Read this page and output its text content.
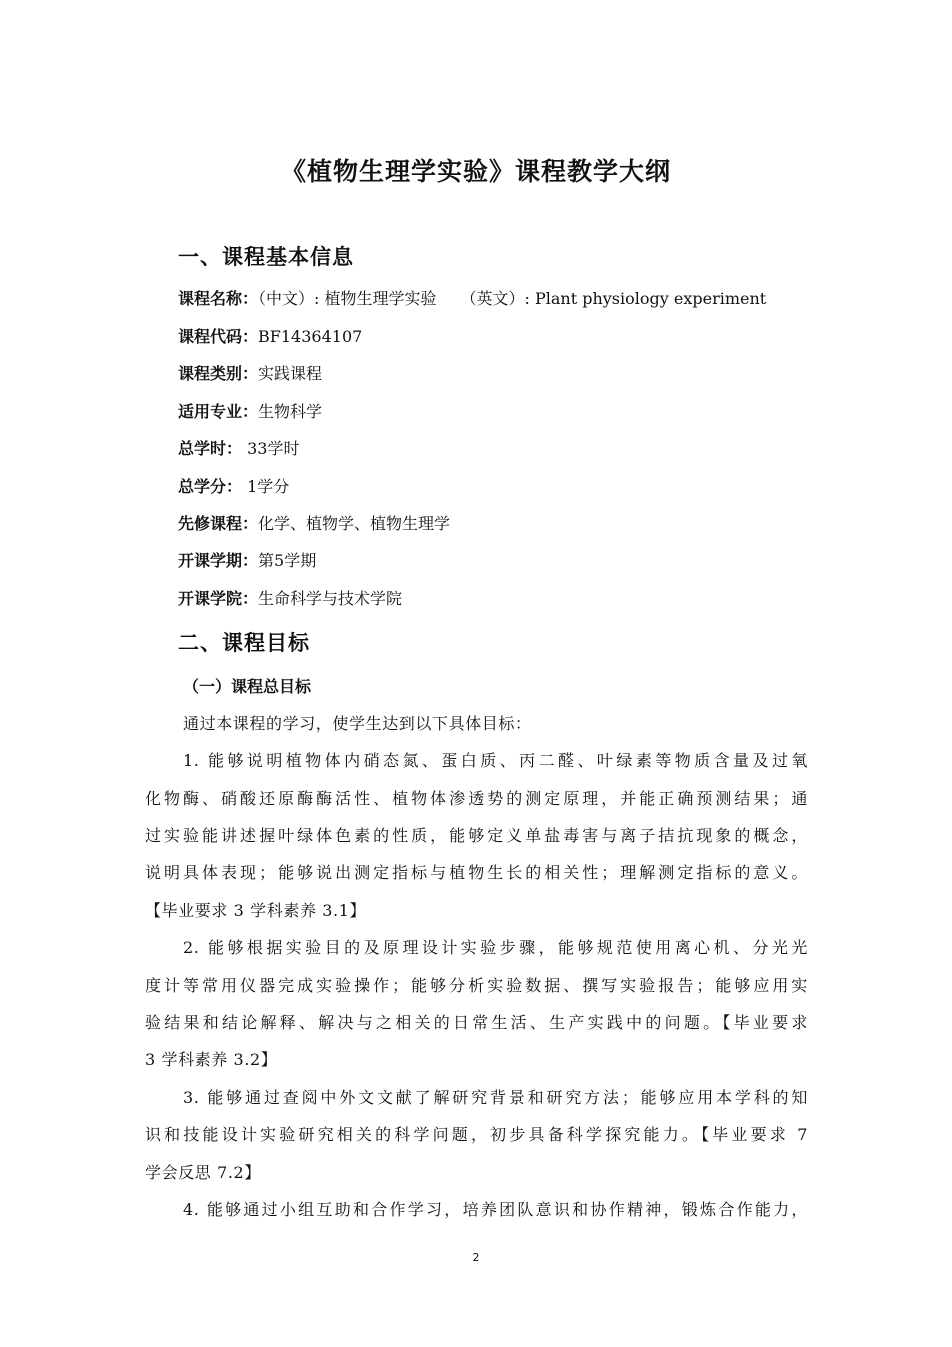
《植物生理学实验》课程教学大纲
一、课程基本信息
课程名称：（中文）: 植物生理学实验　　（英文）: Plant physiology experiment
课程代码：BF14364107
课程类别：实践课程
适用专业：生物科学
总学时： 33学时
总学分： 1学分
先修课程：化学、植物学、植物生理学
开课学期：第5学期
开课学院：生命科学与技术学院
二、课程目标
（一）课程总目标
通过本课程的学习，使学生达到以下具体目标：
1. 能够说明植物体内硝态氮、蛋白质、丙二醛、叶绿素等物质含量及过氧
化物酶、硝酸还原酶酶活性、植物体渗透势的测定原理，并能正确预测结果；通
过实验能讲述握叶绿体色素的性质，能够定义单盐毒害与离子拮抗现象的概念，
说明具体表现；能够说出测定指标与植物生长的相关性；理解测定指标的意义。
【毕业要求 3 学科素养 3.1】
2. 能够根据实验目的及原理设计实验步骤，能够规范使用离心机、分光光
度计等常用仪器完成实验操作；能够分析实验数据、撰写实验报告；能够应用实
验结果和结论解释、解决与之相关的日常生活、生产实践中的问题。【毕业要求
3 学科素养 3.2】
3. 能够通过查阅中外文文献了解研究背景和研究方法；能够应用本学科的知
识和技能设计实验研究相关的科学问题，初步具备科学探究能力。【毕业要求 7
学会反思 7.2】
4. 能够通过小组互助和合作学习，培养团队意识和协作精神，锻炼合作能力，
2
